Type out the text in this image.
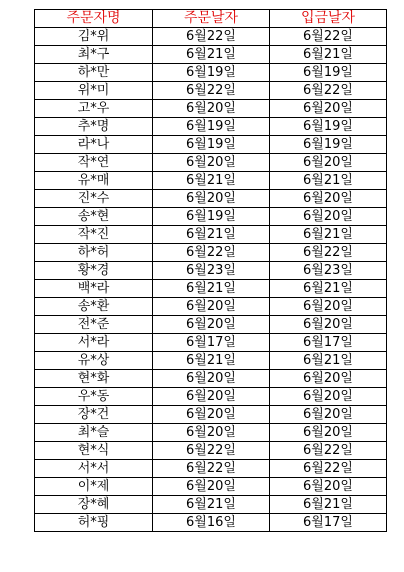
주문자명	주문날자	입금날자
김*위	6월22일	6월22일
최*구	6월21일	6월21일
하*만	6월19일	6월19일
위*미	6월22일	6월22일
고*우	6월20일	6월20일
추*명	6월19일	6월19일
라*나	6월19일	6월19일
작*연	6월20일	6월20일
유*매	6월21일	6월21일
진*수	6월20일	6월20일
송*현	6월19일	6월20일
작*진	6월21일	6월21일
하*허	6월22일	6월22일
황*경	6월23일	6월23일
백*라	6월21일	6월21일
송*환	6월20일	6월20일
전*준	6월20일	6월20일
서*라	6월17일	6월17일
유*상	6월21일	6월21일
현*화	6월20일	6월20일
우*동	6월20일	6월20일
장*건	6월20일	6월20일
최*슬	6월20일	6월20일
현*식	6월22일	6월22일
서*서	6월22일	6월22일
이*제	6월20일	6월20일
장*혜	6월21일	6월21일
허*핑	6월16일	6월17일
